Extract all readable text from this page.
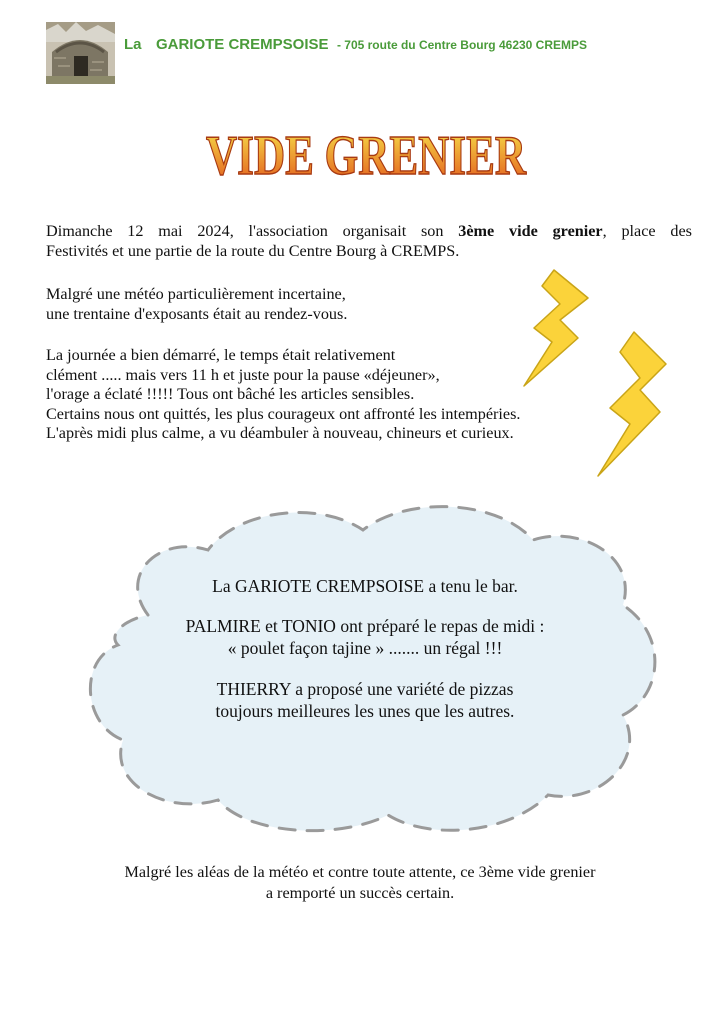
La GARIOTE CREMPSOISE - 705 route du Centre Bourg 46230 CREMPS
VIDE GRENIER
Dimanche 12 mai 2024, l'association organisait son 3ème vide grenier, place des
Festivités et une partie de la route du Centre Bourg à CREMPS.
Malgré une météo particulièrement incertaine,
une trentaine d'exposants était au rendez-vous.
La journée a bien démarré, le temps était relativement
clément ..... mais vers 11 h et juste pour la pause «déjeuner»,
l'orage a éclaté !!!!! Tous ont bâché les articles sensibles.
Certains nous ont quittés, les plus courageux ont affronté les intempéries.
L'après midi plus calme, a vu déambuler à nouveau, chineurs et curieux.

La GARIOTE CREMPSOISE a tenu le bar.

PALMIRE et TONIO ont préparé le repas de midi :

« poulet façon tajine » ....... un régal !!!

THIERRY a proposé une variété de pizzas

toujours meilleures les unes que les autres.

Malgré les aléas de la météo et contre toute attente, ce 3ème vide grenier
a remporté un succès certain.
